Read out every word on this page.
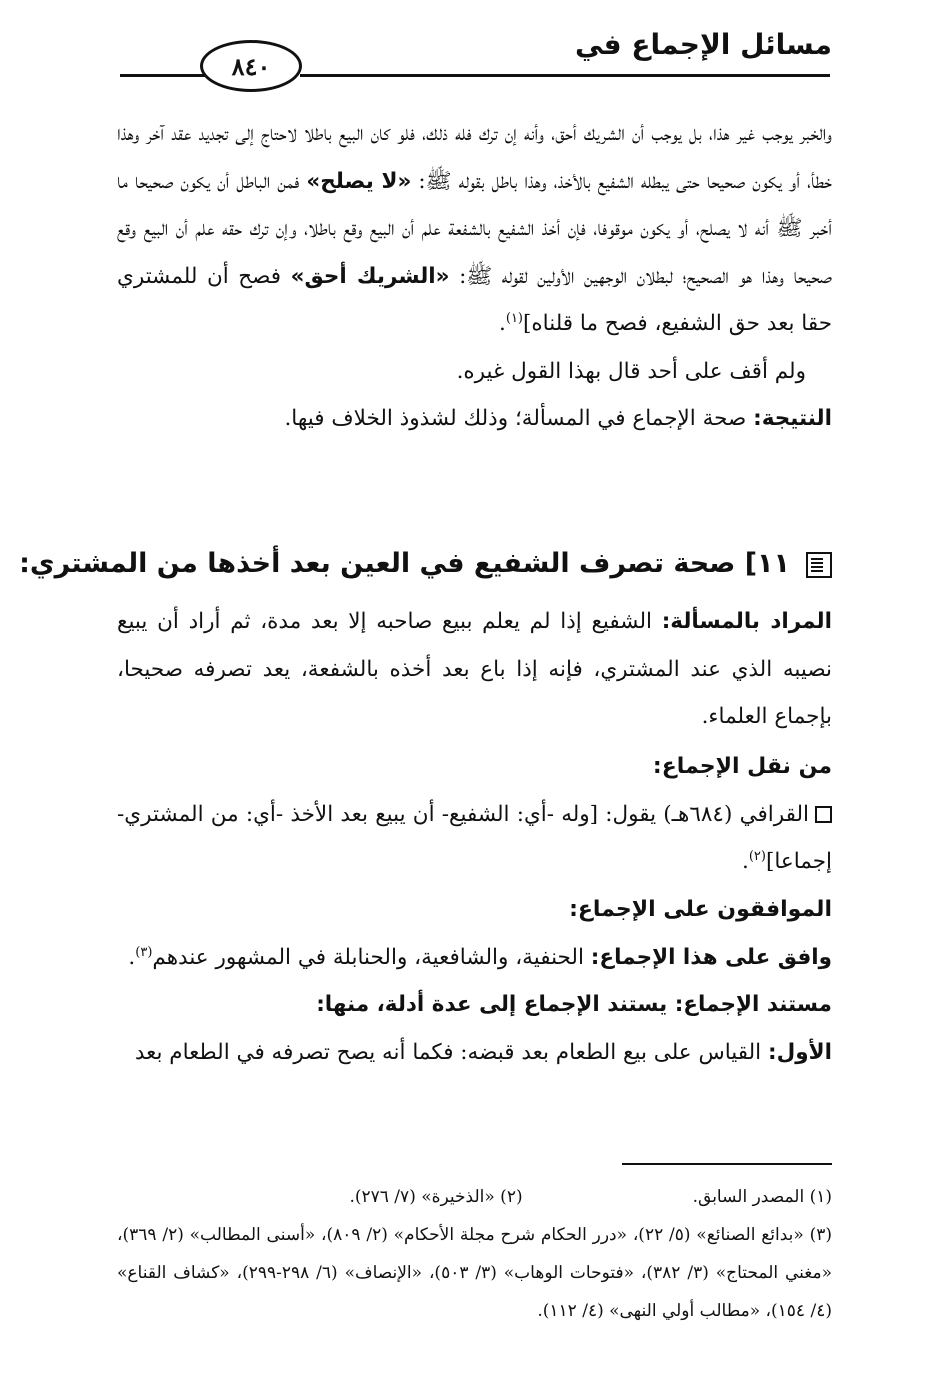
مسائل الإجماع في
٨٤٠

والخبر يوجب غير هذا، بل يوجب أن الشريك أحق، وأنه إن ترك فله ذلك، فلو كان البيع باطلا لاحتاج إلى تجديد عقد آخر وهذا خطأ، أو يكون صحيحا حتى يبطله الشفيع بالأخذ، وهذا باطل بقوله ﷺ: «لا يصلح» فمن الباطل أن يكون صحيحا ما أخبر ﷺ أنه لا يصلح، أو يكون موقوفا، فإن أخذ الشفيع بالشفعة علم أن البيع وقع باطلا، وإن ترك حقه علم أن البيع وقع صحيحا وهذا هو الصحيح؛ لبطلان الوجهين الأولين لقوله ﷺ: «الشريك أحق» فصح أن للمشتري حقا بعد حق الشفيع، فصح ما قلناه]$^{(١)}$.

ولم أقف على أحد قال بهذا القول غيره.

النتيجة: صحة الإجماع في المسألة؛ وذلك لشذوذ الخلاف فيها.

١١] صحة تصرف الشفيع في العين بعد أخذها من المشتري:

المراد بالمسألة: الشفيع إذا لم يعلم ببيع صاحبه إلا بعد مدة، ثم أراد أن يبيع نصيبه الذي عند المشتري، فإنه إذا باع بعد أخذه بالشفعة، يعد تصرفه صحيحا، بإجماع العلماء.

من نقل الإجماع:

القرافي (٦٨٤هـ) يقول: [وله -أي: الشفيع- أن يبيع بعد الأخذ -أي: من المشتري- إجماعا]$^{(٢)}$.

الموافقون على الإجماع:

وافق على هذا الإجماع: الحنفية، والشافعية، والحنابلة في المشهور عندهم$^{(٣)}$.

مستند الإجماع: يستند الإجماع إلى عدة أدلة، منها:

الأول: القياس على بيع الطعام بعد قبضه: فكما أنه يصح تصرفه في الطعام بعد

(١) المصدر السابق.
(٢) «الذخيرة» (٧/ ٢٧٦).

(٣) «بدائع الصنائع» (٥/ ٢٢)، «درر الحكام شرح مجلة الأحكام» (٢/ ٨٠٩)، «أسنى المطالب» (٢/ ٣٦٩)، «مغني المحتاج» (٣/ ٣٨٢)، «فتوحات الوهاب» (٣/ ٥٠٣)، «الإنصاف» (٦/ ٢٩٨-٢٩٩)، «كشاف القناع» (٤/ ١٥٤)، «مطالب أولي النهى» (٤/ ١١٢).
